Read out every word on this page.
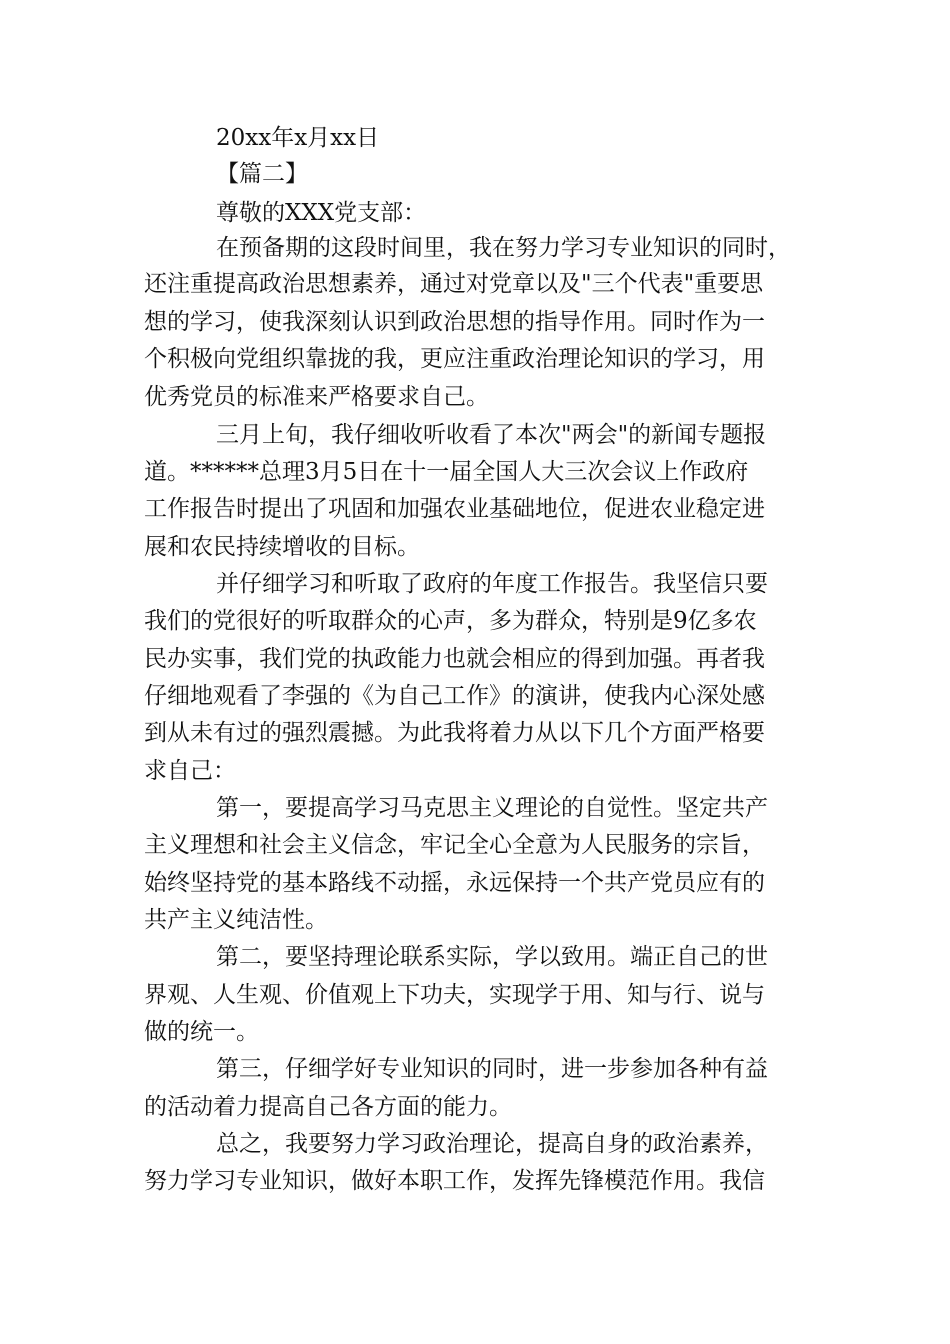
20xx年x月xx日
【篇二】
尊敬的XXX党支部：
在预备期的这段时间里，我在努力学习专业知识的同时，
还注重提高政治思想素养，通过对党章以及"三个代表"重要思
想的学习，使我深刻认识到政治思想的指导作用。同时作为一
个积极向党组织靠拢的我，更应注重政治理论知识的学习，用
优秀党员的标准来严格要求自己。
三月上旬，我仔细收听收看了本次"两会"的新闻专题报
道。******总理3月5日在十一届全国人大三次会议上作政府
工作报告时提出了巩固和加强农业基础地位，促进农业稳定进
展和农民持续增收的目标。
并仔细学习和听取了政府的年度工作报告。我坚信只要
我们的党很好的听取群众的心声，多为群众，特别是9亿多农
民办实事，我们党的执政能力也就会相应的得到加强。再者我
仔细地观看了李强的《为自己工作》的演讲，使我内心深处感
到从未有过的强烈震撼。为此我将着力从以下几个方面严格要
求自己：
第一，要提高学习马克思主义理论的自觉性。坚定共产
主义理想和社会主义信念，牢记全心全意为人民服务的宗旨，
始终坚持党的基本路线不动摇，永远保持一个共产党员应有的
共产主义纯洁性。
第二，要坚持理论联系实际，学以致用。端正自己的世
界观、人生观、价值观上下功夫，实现学于用、知与行、说与
做的统一。
第三，仔细学好专业知识的同时，进一步参加各种有益
的活动着力提高自己各方面的能力。
总之，我要努力学习政治理论，提高自身的政治素养，
努力学习专业知识，做好本职工作，发挥先锋模范作用。我信
